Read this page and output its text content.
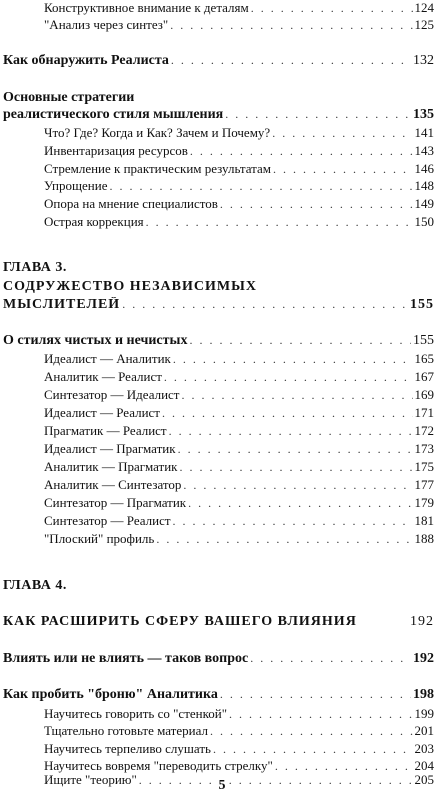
Конструктивное внимание к деталям . . .	124
"Анализ через синтез" . . .	125
Как обнаружить Реалиста . . .	132
Основные стратегии
реалистического стиля мышления . . .	135
Что? Где? Когда и Как? Зачем и Почему? . . .	141
Инвентаризация ресурсов . . .	143
Стремление к практическим результатам . . .	146
Упрощение . . .	148
Опора на мнение специалистов . . .	149
Острая коррекция . . .	150
ГЛАВА 3.
СОДРУЖЕСТВО НЕЗАВИСИМЫХ
МЫСЛИТЕЛЕЙ . . .	155
О стилях чистых и нечистых . . .	155
Идеалист — Аналитик . . .	165
Аналитик — Реалист . . .	167
Синтезатор — Идеалист . . .	169
Идеалист — Реалист . . .	171
Прагматик — Реалист . . .	172
Идеалист — Прагматик . . .	173
Аналитик — Прагматик . . .	175
Аналитик — Синтезатор . . .	177
Синтезатор — Прагматик . . .	179
Синтезатор — Реалист . . .	181
"Плоский" профиль . . .	188
ГЛАВА 4.
КАК РАСШИРИТЬ СФЕРУ ВАШЕГО ВЛИЯНИЯ	192
Влиять или не влиять — таков вопрос . . .	192
Как пробить "броню" Аналитика . . .	198
Научитесь говорить со "стенкой" . . .	199
Тщательно готовьте материал . . .	201
Научитесь терпеливо слушать . . .	203
Научитесь вовремя "переводить стрелку" . . .	204
Ищите "теорию" . . .	205
5
